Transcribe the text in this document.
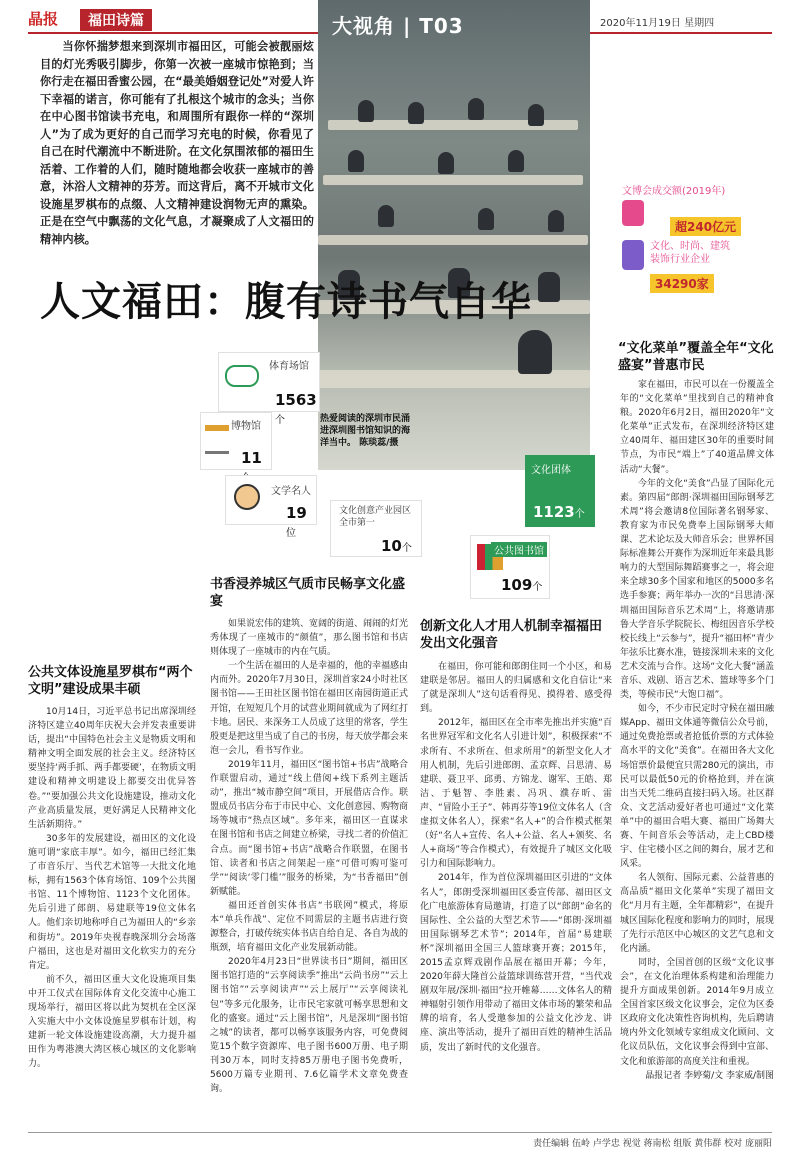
晶报	福田诗篇	2020年11月19日 星期四
大视角 | T03
热爱阅读的深圳市民涌进深圳图书馆知识的海洋当中。 陈琰蕊/摄
当你怀揣梦想来到深圳市福田区，可能会被靓丽炫目的灯光秀吸引脚步，你第一次被一座城市惊艳到；当你行走在福田香蜜公园，在“最美婚姻登记处”对爱人许下幸福的诺言，你可能有了扎根这个城市的念头；当你在中心图书馆读书充电，和周围所有跟你一样的“深圳人”为了成为更好的自己而学习充电的时候，你看见了自己在时代潮流中不断进阶。在文化氛围浓郁的福田生活着、工作着的人们，随时随地都会收获一座城市的善意，沐浴人文精神的芬芳。而这背后，离不开城市文化设施星罗棋布的点缀、人文精神建设润物无声的熏染。正是在空气中飘荡的文化气息，才凝聚成了人文福田的精神内核。
人文福田：腹有诗书气自华
文博会成交额(2019年)
超240亿元
文化、时尚、建筑装饰行业企业
34290家
体育场馆
1563个
博物馆
11
文学名人
19位
文化创意产业园区全市第一
10个
文化团体
1123个
公共图书馆
109个
书香浸养城区气质市民畅享文化盛宴

如果说宏伟的建筑、宽阔的街道、闹闹的灯光秀体现了一座城市的“颜值”，那么图书馆和书店则体现了一座城市的内在气质。

一个生活在福田的人是幸福的，他的幸福感由内而外。2020年7月30日，深圳首家24小时社区图书馆——王田社区图书馆在福田区南园街道正式开馆，在短短几个月的试营业期间就成为了网红打卡地。居民、来深务工人员成了这里的常客，学生殷更是把这里当成了自己的书房，每天放学都会来泡一会儿，看书写作业。

2019年11月，福田区“图书馆+书店”战略合作联盟启动，通过“线上借阅+线下系列主题活动”，推出“城市静空间”项目，开展借店合作。联盟成员书店分布于市民中心、文化创意园、购物商场等城市“热点区域”。多年来，福田区一直谋求在图书馆和书店之间建立桥梁，寻找二者的价值汇合点。而“图书馆+书店”战略合作联盟，在图书馆、读者和书店之间架起一座“可借可购可鉴可学”“阅读‘零门槛’”服务的桥梁，为“书香福田”创新赋能。

福田还首创实体书店“书联网”模式，将原本“单兵作战”、定位不同需层的主题书店进行资源整合，打破传统实体书店自给自足、各自为战的瓶颈，培育福田文化产业发展新动能。

2020年4月23日“世界读书日”期间，福田区图书馆打造的“云享阅读季”推出“云尚书房”“云上图书馆”“云享阅读声”“云上展厅”“云享阅读礼包”等多元化服务，让市民宅家就可畅享思想和文化的盛宴。通过“云上图书馆”，凡是深圳“图书馆之城”的读者，都可以畅享该服务内容，可免费阅览15个数字资源库、电子图书600万册、电子期刊30万本，同时支持85万册电子图书免费听，5600万篇专业期刊、7.6亿篇学术文章免费查询。

公共文体设施星罗棋布“两个文明”建设成果丰硕

10月14日，习近平总书记出席深圳经济特区建立40周年庆祝大会并发表重要讲话，提出“中国特色社会主义是物质文明和精神文明全面发展的社会主义。经济特区要坚持‘两手抓、两手都要硬’，在物质文明建设和精神文明建设上都要交出优异答卷。”“要加强公共文化设施建设，推动文化产业高质量发展，更好满足人民精神文化生活新期待。”

30多年的发展建设，福田区的文化设施可谓“家底丰厚”。如今，福田已经汇集了市音乐厅、当代艺术馆等一大批文化地标，拥有1563个体育场馆、109个公共图书馆、11个博物馆、1123个文化团体。先后引进了郎朗、易建联等19位文体名人。他们亲切地称呼自己为福田人的“乡亲和街坊”。2019年央视春晚深圳分会场落户福田，这也是对福田文化软实力的充分肯定。

前不久，福田区重大文化设施项目集中开工仪式在国际体育文化交流中心施工现场举行，福田区将以此为契机在全区深入实施大中小文体设施星罗棋布计划，构建新一轮文体设施建设高潮，大力提升福田作为粤港澳大湾区核心城区的文化影响力。

创新文化人才用人机制幸福福田发出文化强音

在福田，你可能和郎朗住同一个小区，和易建联是邻居。福田人的归属感和文化自信让“来了就是深圳人”这句话看得见、摸得着、感受得到。

2012年，福田区在全市率先推出并实施“百名世界冠军和文化名人引进计划”，积极探索“不求所有、不求所在、但求所用”的新型文化人才用人机制，先后引进郎朗、孟京辉、吕思清、易建联、聂卫平、邱勇、方锦龙、谢军、王皓、郑洁、于魁智、李胜素、冯巩、濮存昕、雷声、“冒险小王子”、韩再芬等19位文体名人（含虚拟文体名人），探索“名人+”的合作模式框架（好“名人+宣传、名人+公益、名人+颁奖、名人+商场”等合作模式），有效提升了城区文化吸引力和国际影响力。

2014年，作为首位深圳福田区引进的“文体名人”，郎朗受深圳福田区委宣传部、福田区文化广电旅游体育局邀请，打造了以“郎朗”命名的国际性、全公益的大型艺术节——“郎朗·深圳福田国际钢琴艺术节”；2014年，首届“易建联杯”深圳福田全国三人篮球赛开赛；2015年，2015孟京辉戏剧作品展在福田开幕；今年，2020年薛大隆首公益篮球训练营开营，“当代戏剧双年展/深圳·福田”拉开帷幕……文体名人的精神辐射引领作用带动了福田文体市场的繁荣和品牌的培育，名人受邀参加的公益文化沙龙、讲座、演出等活动，提升了福田百姓的精神生活品质，发出了新时代的文化强音。

“文化菜单”覆盖全年“文化盛宴”普惠市民

家在福田，市民可以在一份覆盖全年的“文化菜单”里找到自己的精神食粮。2020年6月2日，福田2020年“文化菜单”正式发布，在深圳经济特区建立40周年、福田建区30年的重要时间节点，为市民“端上”了40道品牌文体活动“大餐”。

今年的文化“美食”凸显了国际化元素。第四届“郎朗·深圳福田国际钢琴艺术周”将会邀请8位国际著名钢琴家、教育家为市民免费奉上国际钢琴大师课、艺术论坛及大师音乐会；世界杯国际标准舞公开赛作为深圳近年来最具影响力的大型国际舞蹈赛事之一，将会迎来全球30多个国家和地区的5000多名选手参赛；两年举办一次的“吕思清·深圳福田国际音乐艺术周”上，将邀请那鲁大学音乐学院院长、梅纽因音乐学校校长线上“云参与”，提升“福田杯”青少年弦乐比赛水准，链接深圳未来的文化艺术交流与合作。这场“文化大餐”涵盖音乐、戏剧、语言艺术、篮球等多个门类，等候市民“大饱口福”。

如今，不少市民定时守候在福田融媒App、福田文体通等微信公众号前，通过免费抢票或者抢低价票的方式体验高水平的文化“美食”。在福田各大文化场馆票价最便宜只需280元的演出，市民可以最低50元的价格抢到，并在演出当天凭二维码直接扫码入场。社区群众、文艺活动爱好者也可通过“文化菜单”中的福田合唱大赛、福田广场舞大赛、午间音乐会等活动，走上CBD楼宇、住宅楼小区之间的舞台，展才艺和风采。

名人领衔、国际元素、公益普惠的高品质“福田文化菜单”实现了福田文化“月月有主题，全年都精彩”，在提升城区国际化程度和影响力的同时，展现了先行示范区中心城区的文艺气息和文化内涵。

同时，全国首创的区级“文化议事会”，在文化治理体系构建和治理能力提升方面成果创新。2014年9月成立全国首家区级文化议事会，定位为区委区政府文化决策性咨询机构，先后聘请境内外文化领域专家组成文化顾问、文化议员队伍，文化议事会得到中宣部、文化和旅游部的高度关注和重视。

晶报记者 李婷菊/文 李家威/制图

责任编辑 伍岭 卢学忠 视觉 蒋南松 组版 黄伟群 校对 庞丽阳
